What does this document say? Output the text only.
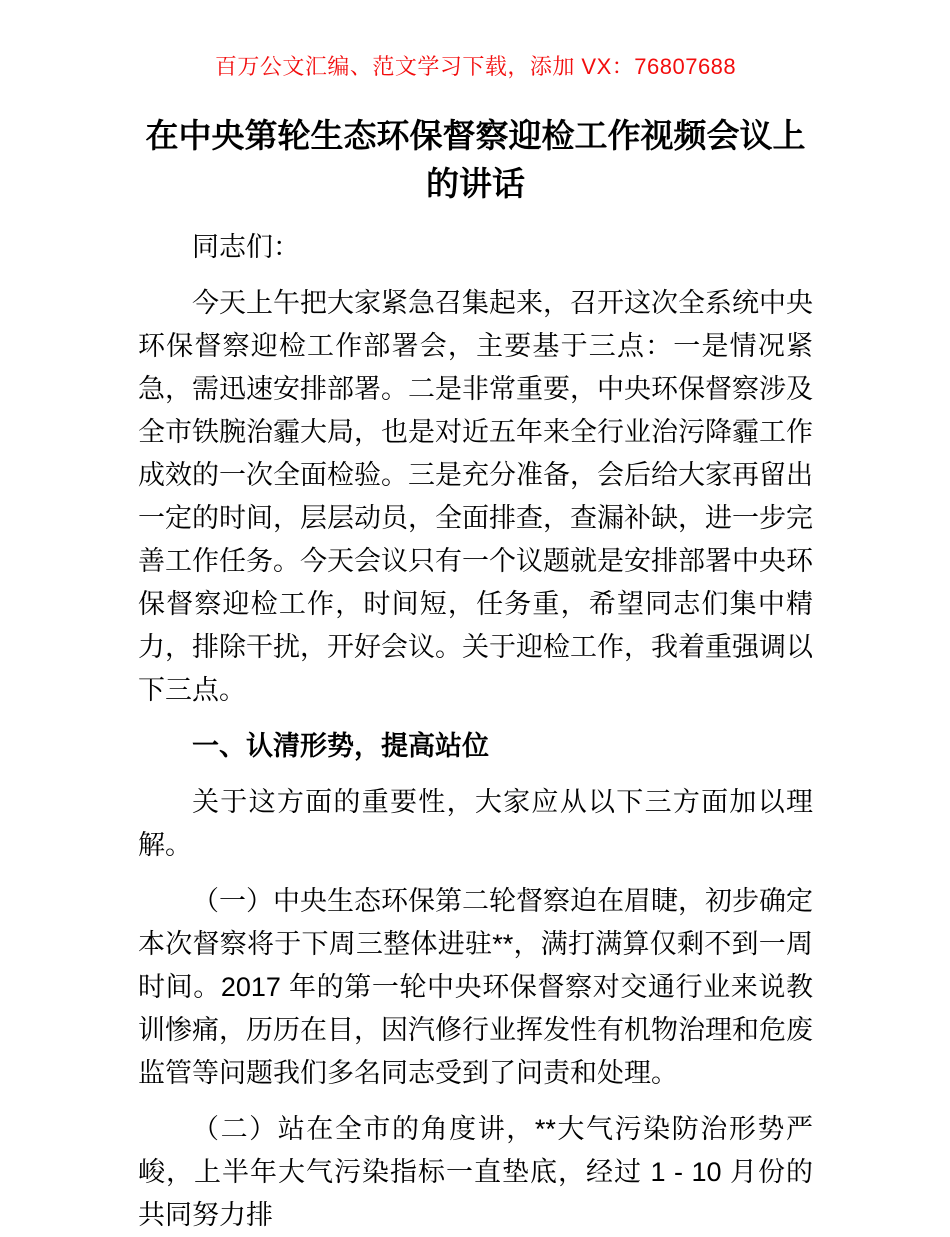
百万公文汇编、范文学习下载，添加 VX：76807688
在中央第轮生态环保督察迎检工作视频会议上的讲话

同志们：

今天上午把大家紧急召集起来，召开这次全系统中央环保督察迎检工作部署会，主要基于三点：一是情况紧急，需迅速安排部署。二是非常重要，中央环保督察涉及全市铁腕治霾大局，也是对近五年来全行业治污降霾工作成效的一次全面检验。三是充分准备，会后给大家再留出一定的时间，层层动员，全面排查，查漏补缺，进一步完善工作任务。今天会议只有一个议题就是安排部署中央环保督察迎检工作，时间短，任务重，希望同志们集中精力，排除干扰，开好会议。关于迎检工作，我着重强调以下三点。

一、认清形势，提高站位

关于这方面的重要性，大家应从以下三方面加以理解。

（一）中央生态环保第二轮督察迫在眉睫，初步确定本次督察将于下周三整体进驻**，满打满算仅剩不到一周时间。2017 年的第一轮中央环保督察对交通行业来说教训惨痛，历历在目，因汽修行业挥发性有机物治理和危废监管等问题我们多名同志受到了问责和处理。

（二）站在全市的角度讲，**大气污染防治形势严峻，上半年大气污染指标一直垫底，经过 1 - 10 月份的共同努力排
